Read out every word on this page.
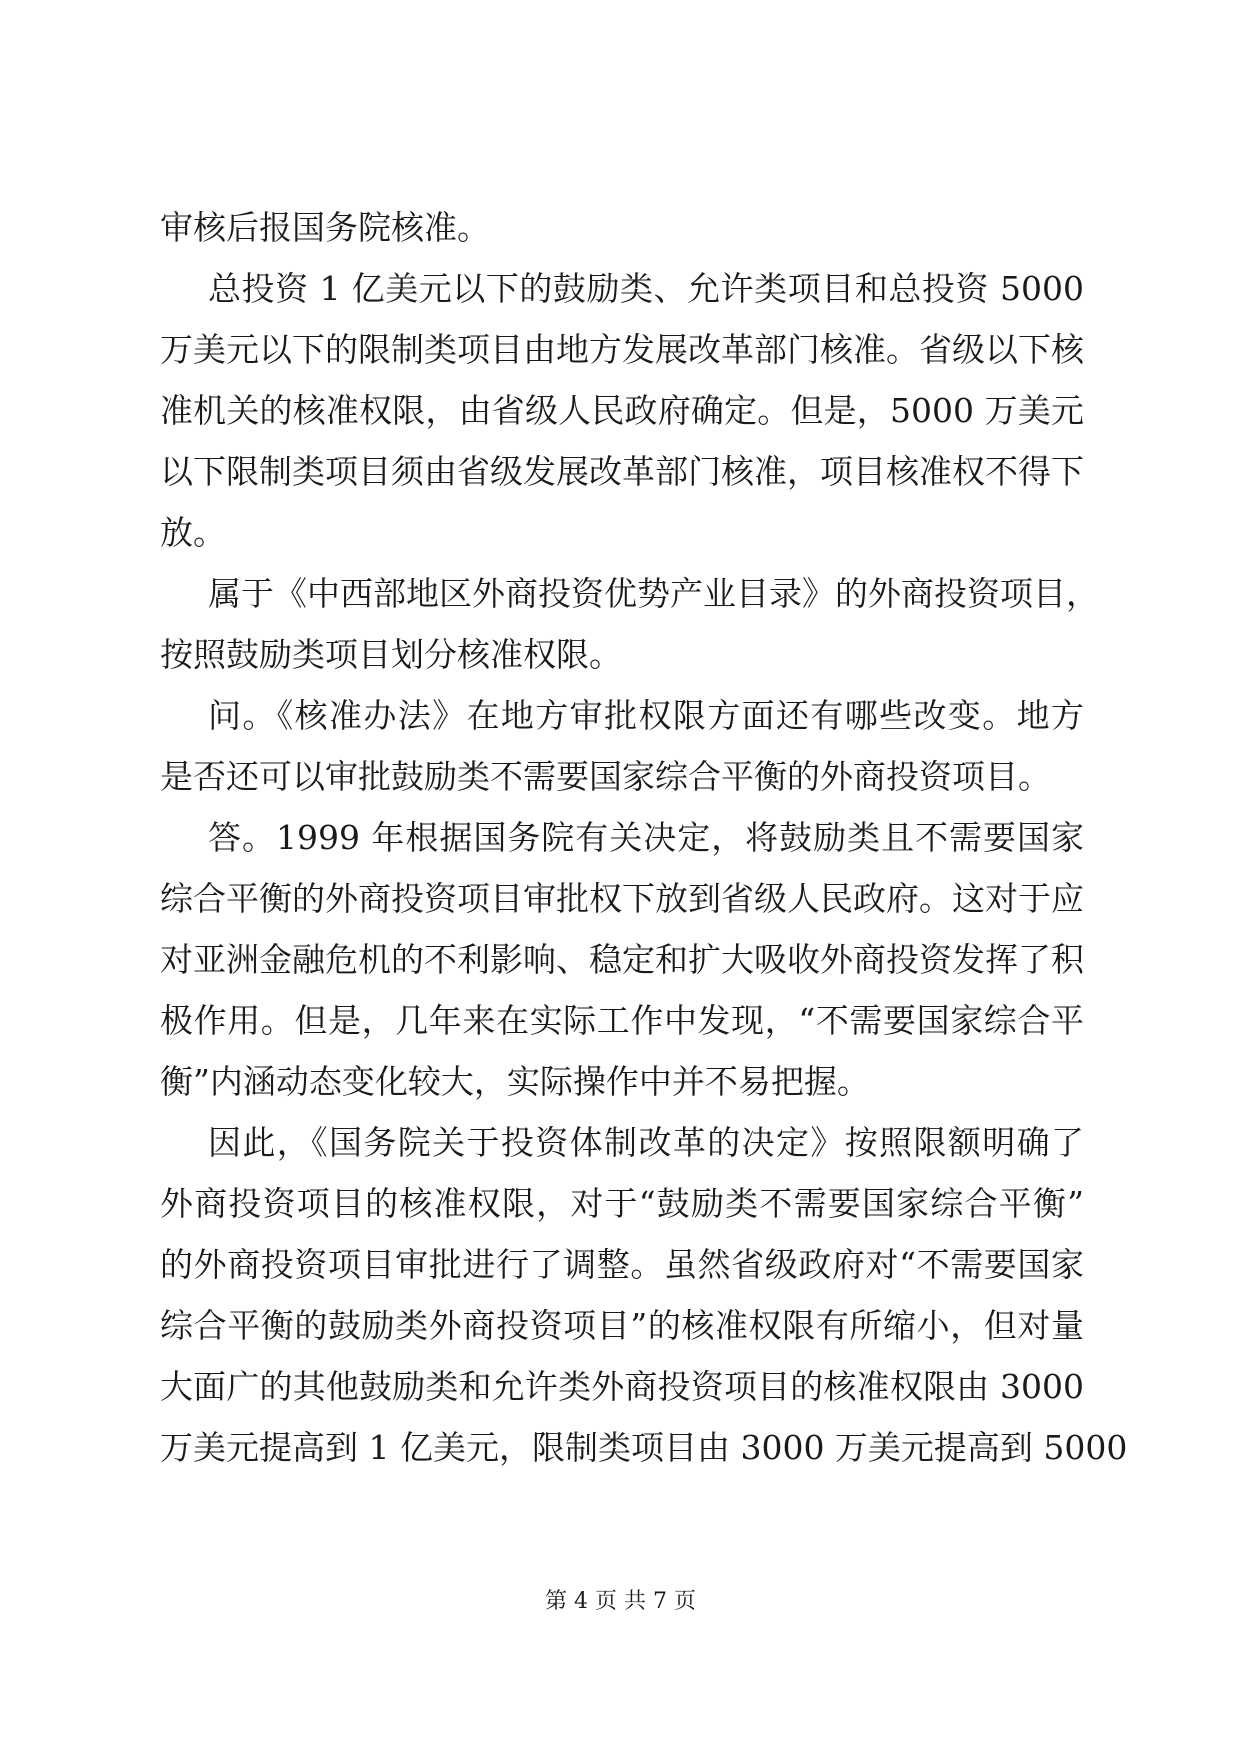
审核后报国务院核准。
总投资 1 亿美元以下的鼓励类、允许类项目和总投资 5000
万美元以下的限制类项目由地方发展改革部门核准。省级以下核
准机关的核准权限，由省级人民政府确定。但是，5000 万美元
以下限制类项目须由省级发展改革部门核准，项目核准权不得下
放。
属于《中西部地区外商投资优势产业目录》的外商投资项目，
按照鼓励类项目划分核准权限。
问。《核准办法》在地方审批权限方面还有哪些改变。地方
是否还可以审批鼓励类不需要国家综合平衡的外商投资项目。
答。1999 年根据国务院有关决定，将鼓励类且不需要国家
综合平衡的外商投资项目审批权下放到省级人民政府。这对于应
对亚洲金融危机的不利影响、稳定和扩大吸收外商投资发挥了积
极作用。但是，几年来在实际工作中发现，“不需要国家综合平
衡”内涵动态变化较大，实际操作中并不易把握。
因此，《国务院关于投资体制改革的决定》按照限额明确了
外商投资项目的核准权限，对于“鼓励类不需要国家综合平衡”
的外商投资项目审批进行了调整。虽然省级政府对“不需要国家
综合平衡的鼓励类外商投资项目”的核准权限有所缩小，但对量
大面广的其他鼓励类和允许类外商投资项目的核准权限由 3000
万美元提高到 1 亿美元，限制类项目由 3000 万美元提高到 5000
第 4 页 共 7 页
